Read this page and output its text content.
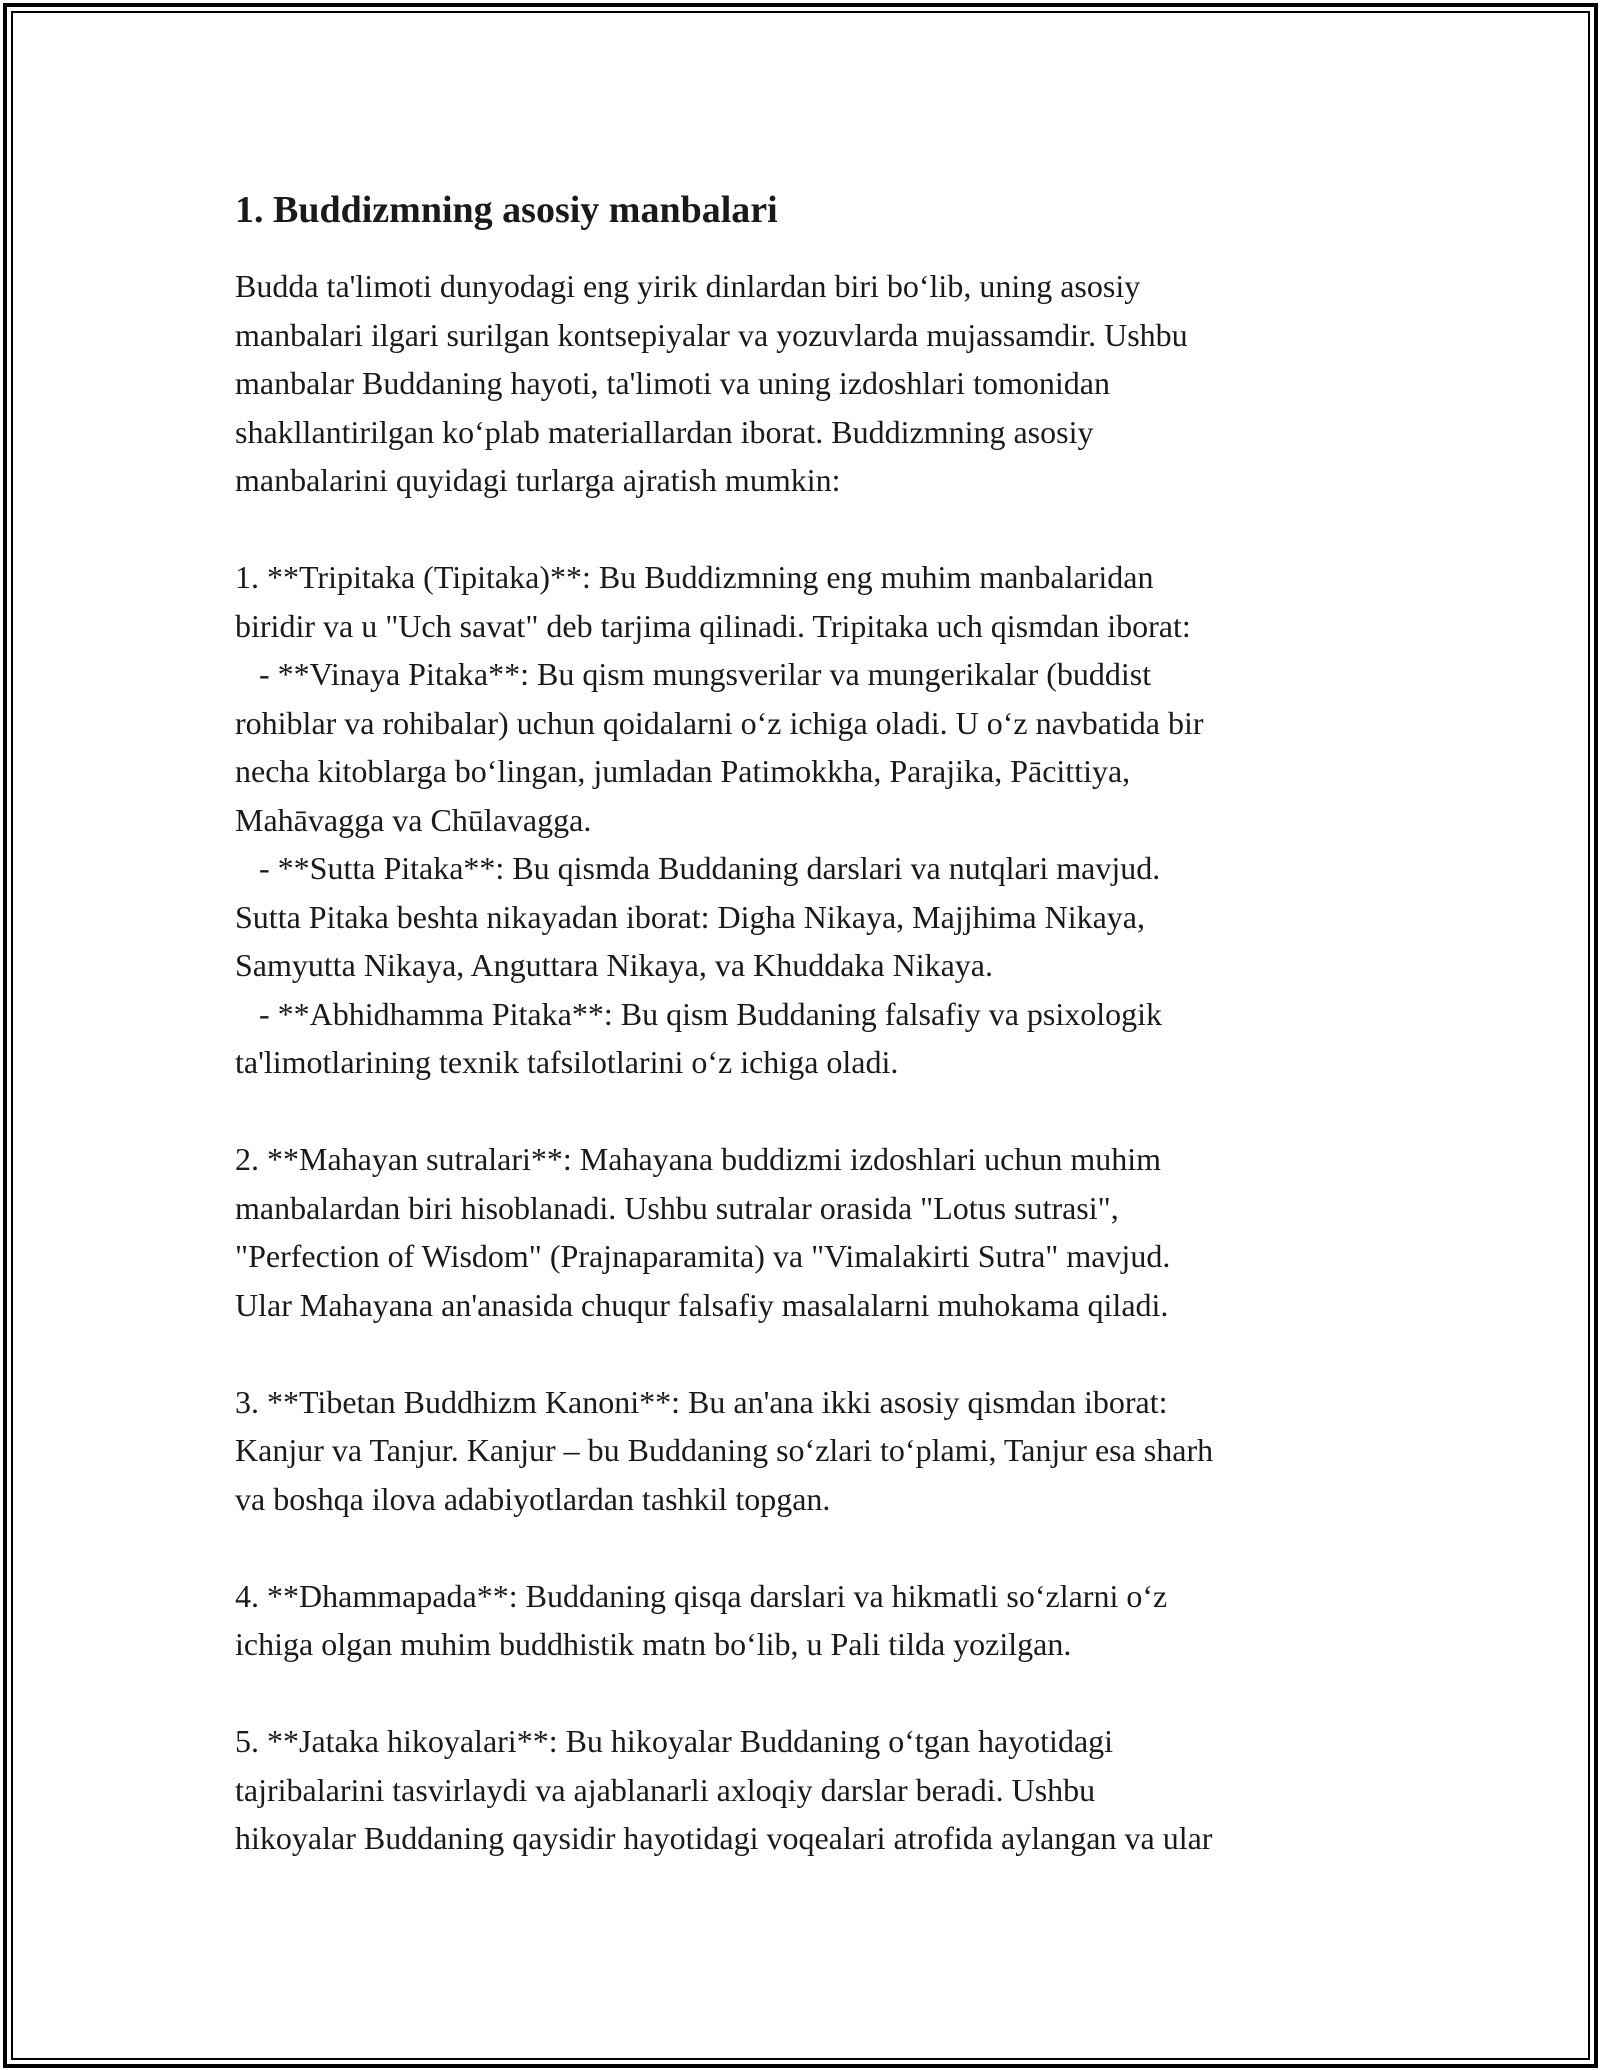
1. Buddizmning asosiy manbalari
Budda ta'limoti dunyodagi eng yirik dinlardan biri bo‘lib, uning asosiy
manbalari ilgari surilgan kontsepiyalar va yozuvlarda mujassamdir. Ushbu
manbalar Buddaning hayoti, ta'limoti va uning izdoshlari tomonidan
shakllantirilgan ko‘plab materiallardan iborat. Buddizmning asosiy
manbalarini quyidagi turlarga ajratish mumkin:
1. **Tripitaka (Tipitaka)**: Bu Buddizmning eng muhim manbalaridan
biridir va u "Uch savat" deb tarjima qilinadi. Tripitaka uch qismdan iborat:
- **Vinaya Pitaka**: Bu qism mungsverilar va mungerikalar (buddist
rohiblar va rohibalar) uchun qoidalarni o‘z ichiga oladi. U o‘z navbatida bir
necha kitoblarga bo‘lingan, jumladan Patimokkha, Parajika, Pācittiya,
Mahāvagga va Chūlavagga.
- **Sutta Pitaka**: Bu qismda Buddaning darslari va nutqlari mavjud.
Sutta Pitaka beshta nikayadan iborat: Digha Nikaya, Majjhima Nikaya,
Samyutta Nikaya, Anguttara Nikaya, va Khuddaka Nikaya.
- **Abhidhamma Pitaka**: Bu qism Buddaning falsafiy va psixologik
ta'limotlarining texnik tafsilotlarini o‘z ichiga oladi.
2. **Mahayan sutralari**: Mahayana buddizmi izdoshlari uchun muhim
manbalardan biri hisoblanadi. Ushbu sutralar orasida "Lotus sutrasi",
"Perfection of Wisdom" (Prajnaparamita) va "Vimalakirti Sutra" mavjud.
Ular Mahayana an'anasida chuqur falsafiy masalalarni muhokama qiladi.
3. **Tibetan Buddhizm Kanoni**: Bu an'ana ikki asosiy qismdan iborat:
Kanjur va Tanjur. Kanjur – bu Buddaning so‘zlari to‘plami, Tanjur esa sharh
va boshqa ilova adabiyotlardan tashkil topgan.
4. **Dhammapada**: Buddaning qisqa darslari va hikmatli so‘zlarni o‘z
ichiga olgan muhim buddhistik matn bo‘lib, u Pali tilda yozilgan.
5. **Jataka hikoyalari**: Bu hikoyalar Buddaning o‘tgan hayotidagi
tajribalarini tasvirlaydi va ajablanarli axloqiy darslar beradi. Ushbu
hikoyalar Buddaning qaysidir hayotidagi voqealari atrofida aylangan va ular
